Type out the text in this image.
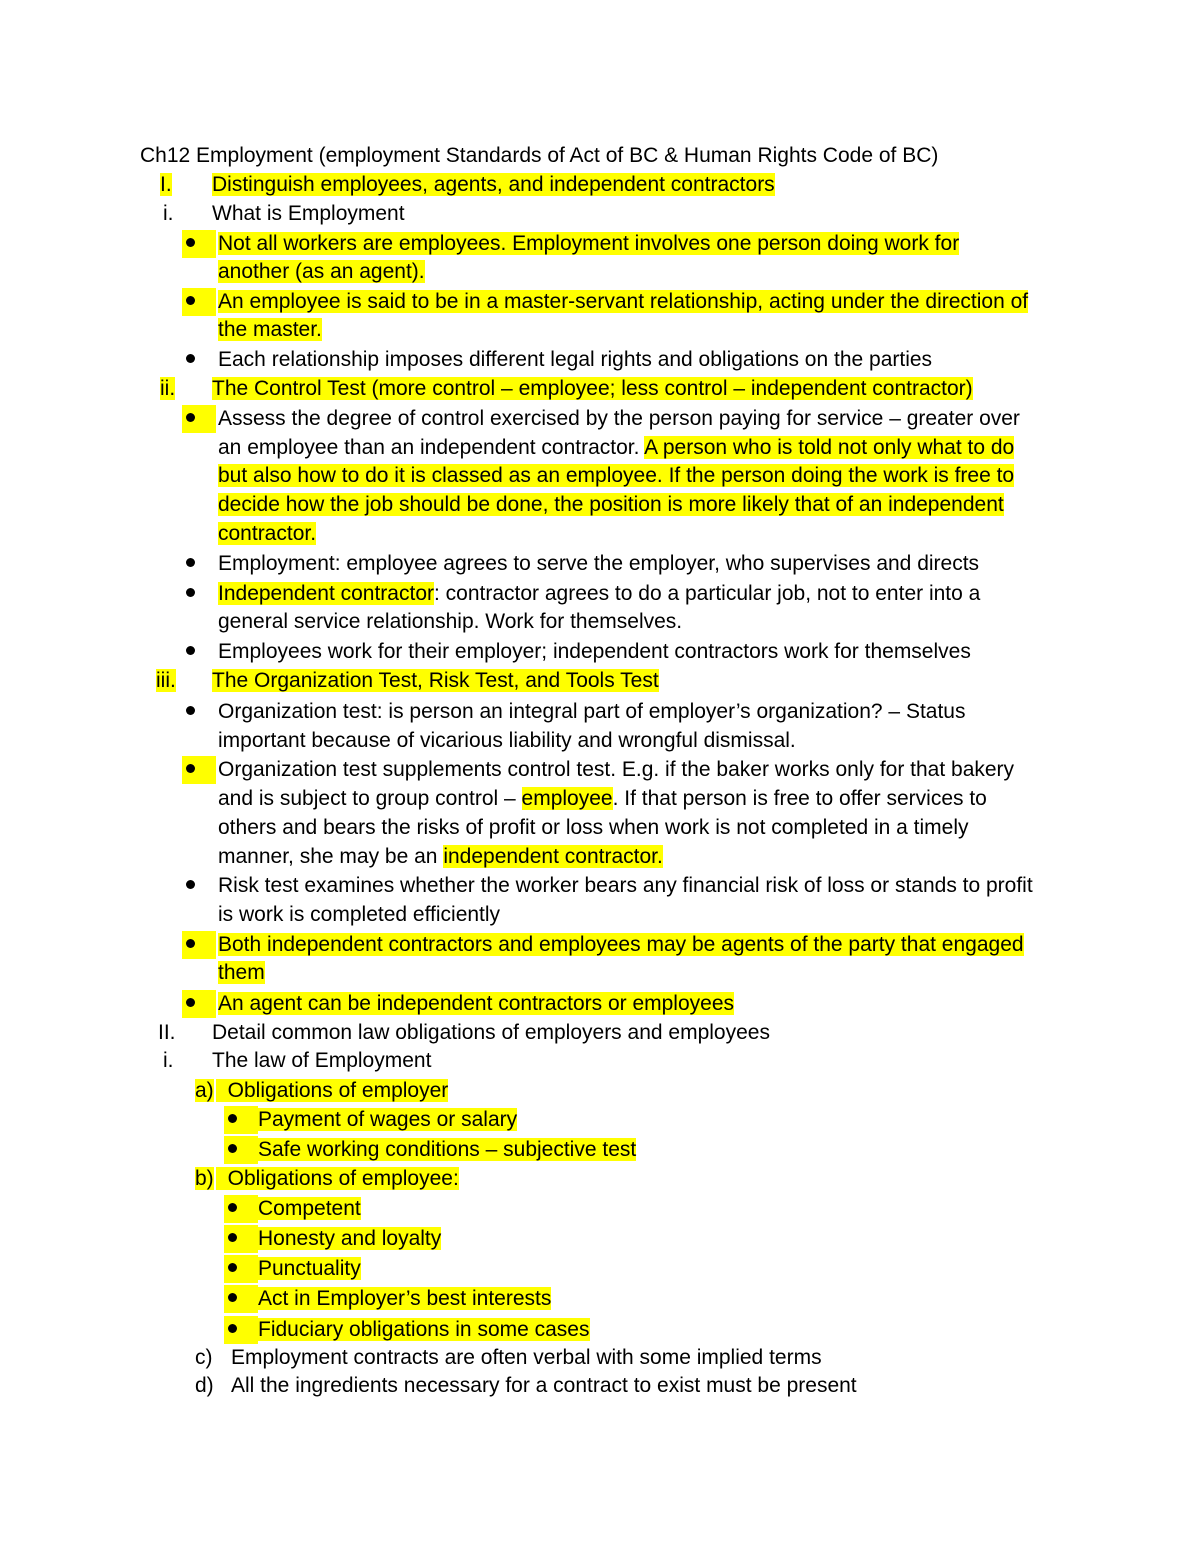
Ch12 Employment (employment Standards of Act of BC & Human Rights Code of BC)
I. Distinguish employees, agents, and independent contractors
i. What is Employment
Not all workers are employees. Employment involves one person doing work for
another (as an agent).
An employee is said to be in a master-servant relationship, acting under the direction of
the master.
Each relationship imposes different legal rights and obligations on the parties
ii. The Control Test (more control – employee; less control – independent contractor)
Assess the degree of control exercised by the person paying for service – greater over
an employee than an independent contractor. A person who is told not only what to do
but also how to do it is classed as an employee. If the person doing the work is free to
decide how the job should be done, the position is more likely that of an independent
contractor.
Employment: employee agrees to serve the employer, who supervises and directs
Independent contractor: contractor agrees to do a particular job, not to enter into a
general service relationship. Work for themselves.
Employees work for their employer; independent contractors work for themselves
iii. The Organization Test, Risk Test, and Tools Test
Organization test: is person an integral part of employer’s organization? – Status
important because of vicarious liability and wrongful dismissal.
Organization test supplements control test. E.g. if the baker works only for that bakery
and is subject to group control – employee. If that person is free to offer services to
others and bears the risks of profit or loss when work is not completed in a timely
manner, she may be an independent contractor.
Risk test examines whether the worker bears any financial risk of loss or stands to profit
is work is completed efficiently
Both independent contractors and employees may be agents of the party that engaged
them
An agent can be independent contractors or employees
II. Detail common law obligations of employers and employees
i. The law of Employment
a) Obligations of employer
Payment of wages or salary
Safe working conditions – subjective test
b) Obligations of employee:
Competent
Honesty and loyalty
Punctuality
Act in Employer’s best interests
Fiduciary obligations in some cases
c) Employment contracts are often verbal with some implied terms
d) All the ingredients necessary for a contract to exist must be present
